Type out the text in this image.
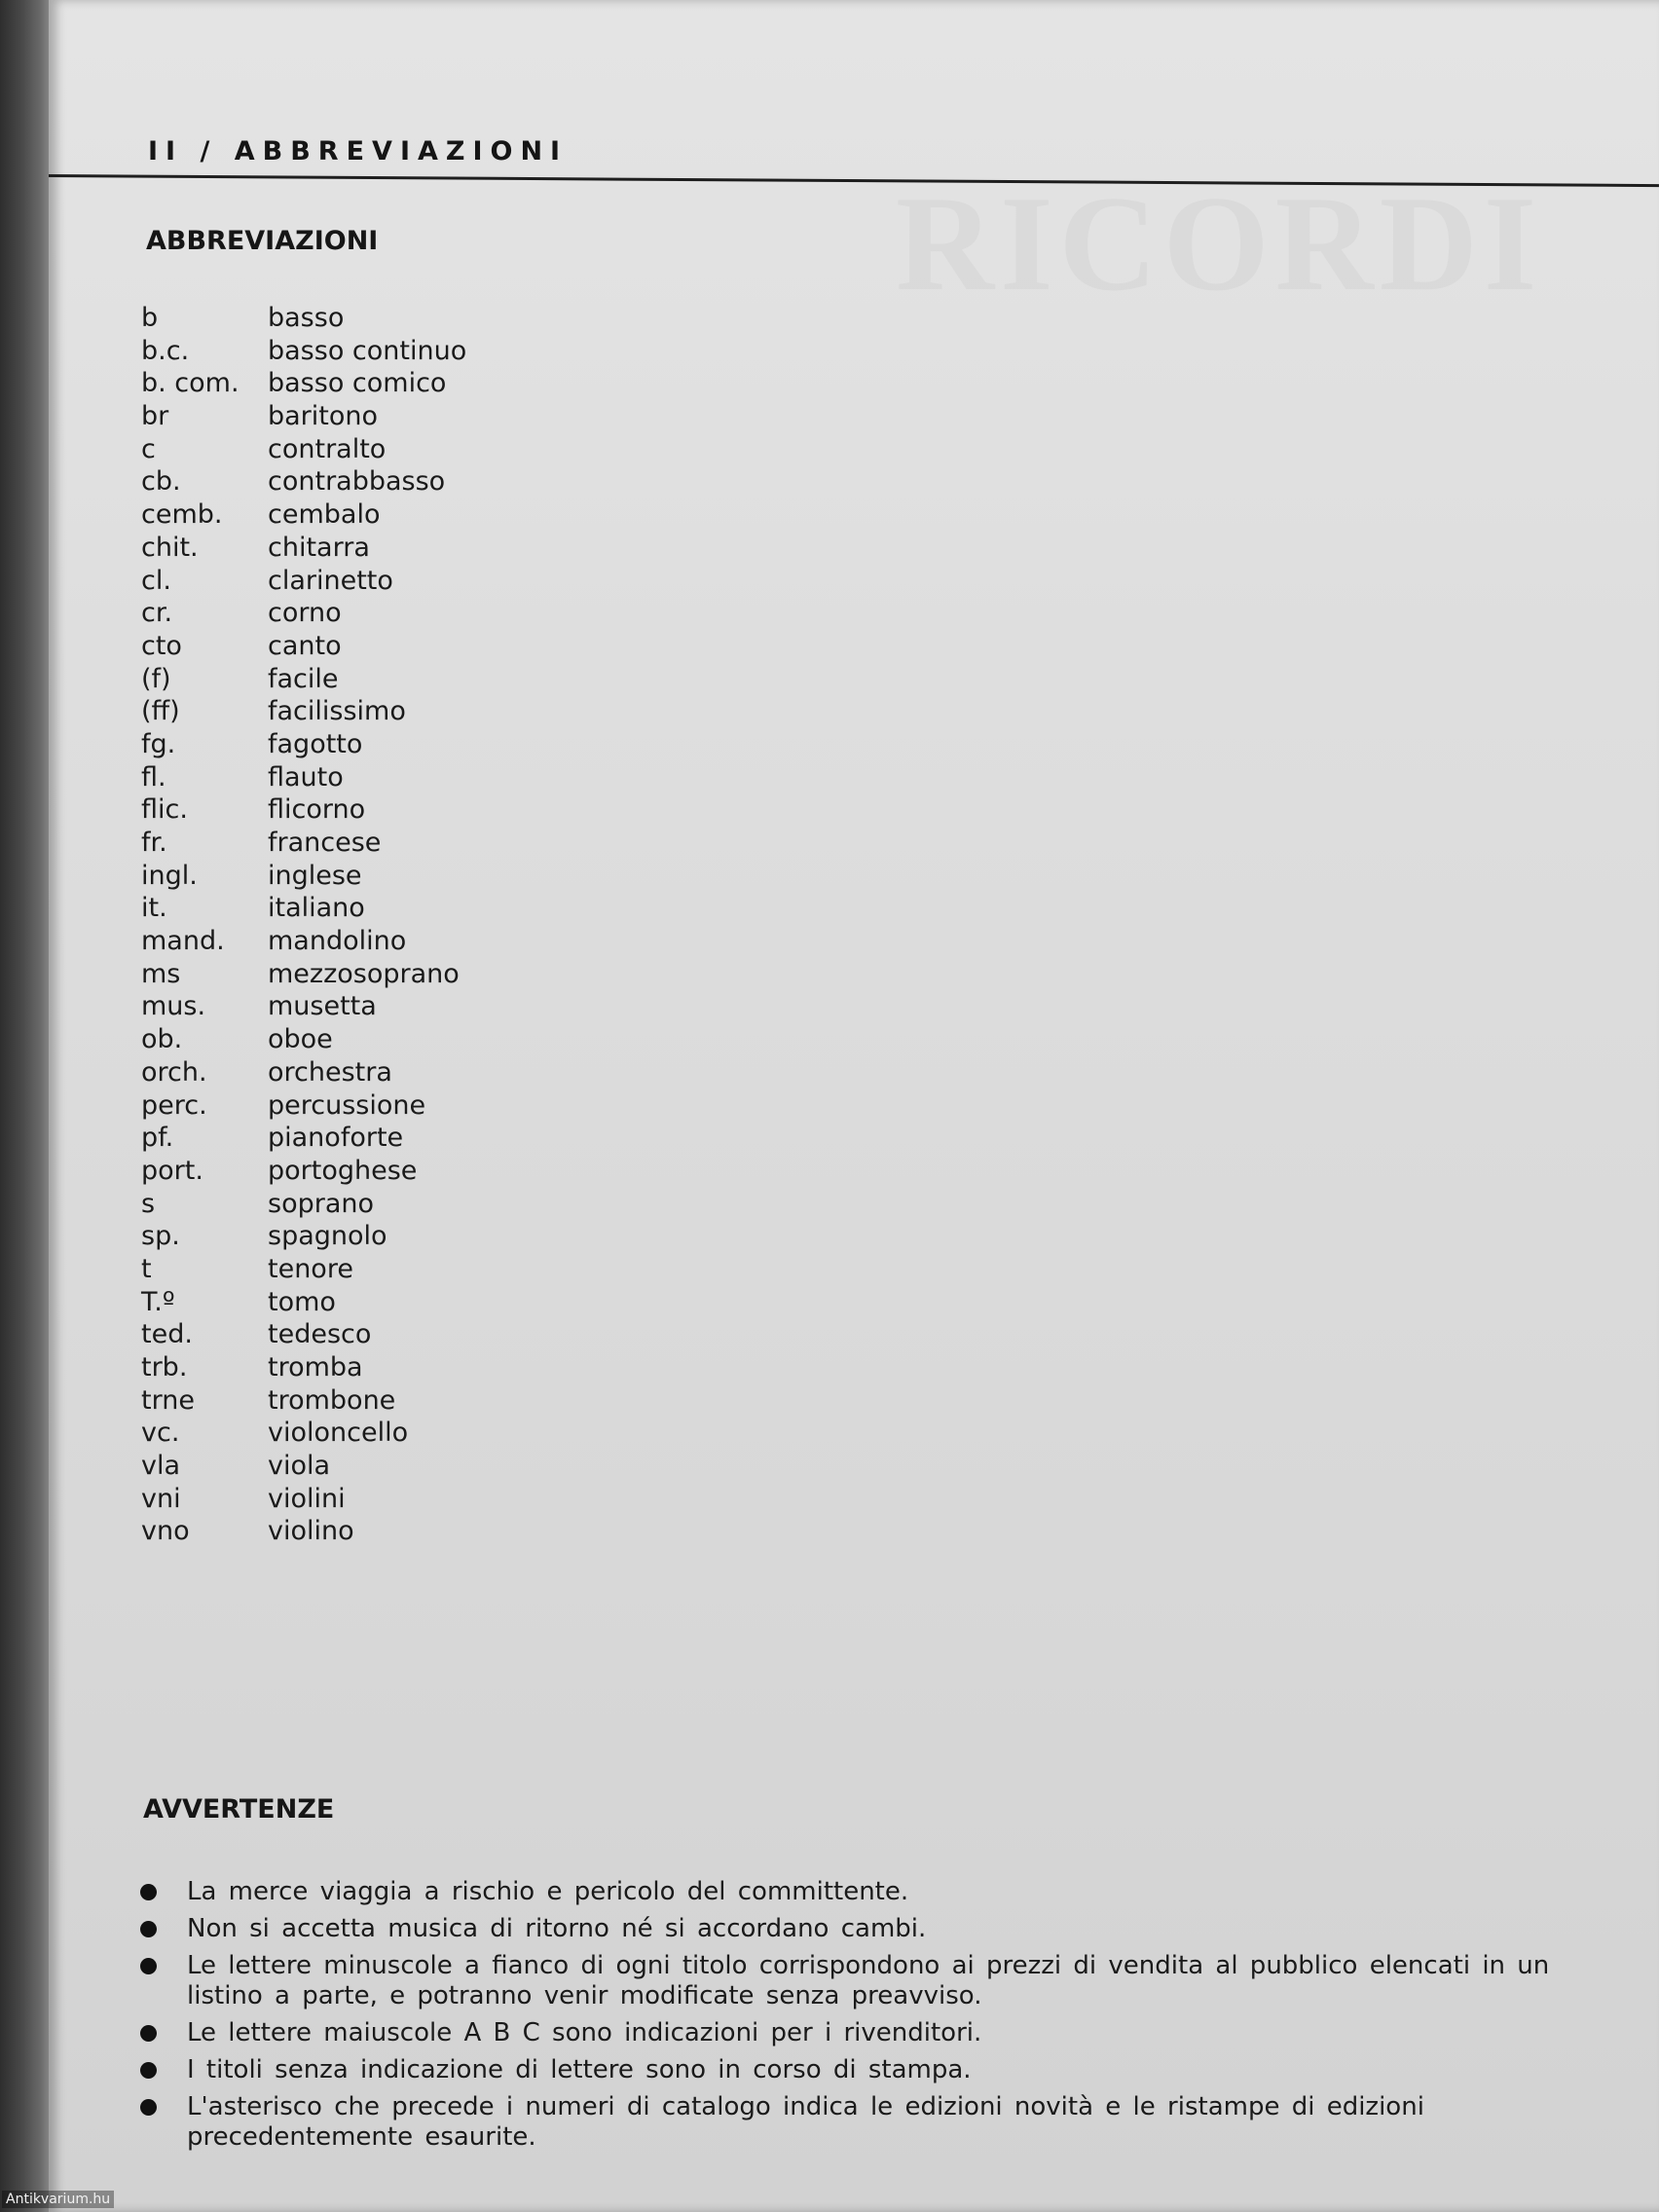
RICORDI
II / ABBREVIAZIONI
ABBREVIAZIONI
b	basso
b.c.	basso continuo
b. com. basso comico
br	baritono
c	contralto
cb.	contrabbasso
cemb. cembalo
chit.	chitarra
cl.	clarinetto
cr.	corno
cto	canto
(f)	facile
(ff)	facilissimo
fg.	fagotto
fl.	flauto
flic.	flicorno
fr.	francese
ingl.	inglese
it.	italiano
mand. mandolino
ms	mezzosoprano
mus. musetta
ob.	oboe
orch. orchestra
perc. percussione
pf.	pianoforte
port. portoghese
s	soprano
sp.	spagnolo
t	tenore
T.º	tomo
ted.	tedesco
trb.	tromba
trne	trombone
vc.	violoncello
vla	viola
vni	violini
vno	violino
AVVERTENZE
La merce viaggia a rischio e pericolo del committente.
Non si accetta musica di ritorno né si accordano cambi.
Le lettere minuscole a fianco di ogni titolo corrispondono ai prezzi di vendita al pubblico elencati in un listino a parte, e potranno venir modificate senza preavviso.
Le lettere maiuscole A B C sono indicazioni per i rivenditori.
I titoli senza indicazione di lettere sono in corso di stampa.
L'asterisco che precede i numeri di catalogo indica le edizioni novità e le ristampe di edizioni precedentemente esaurite.
Antikvarium.hu
